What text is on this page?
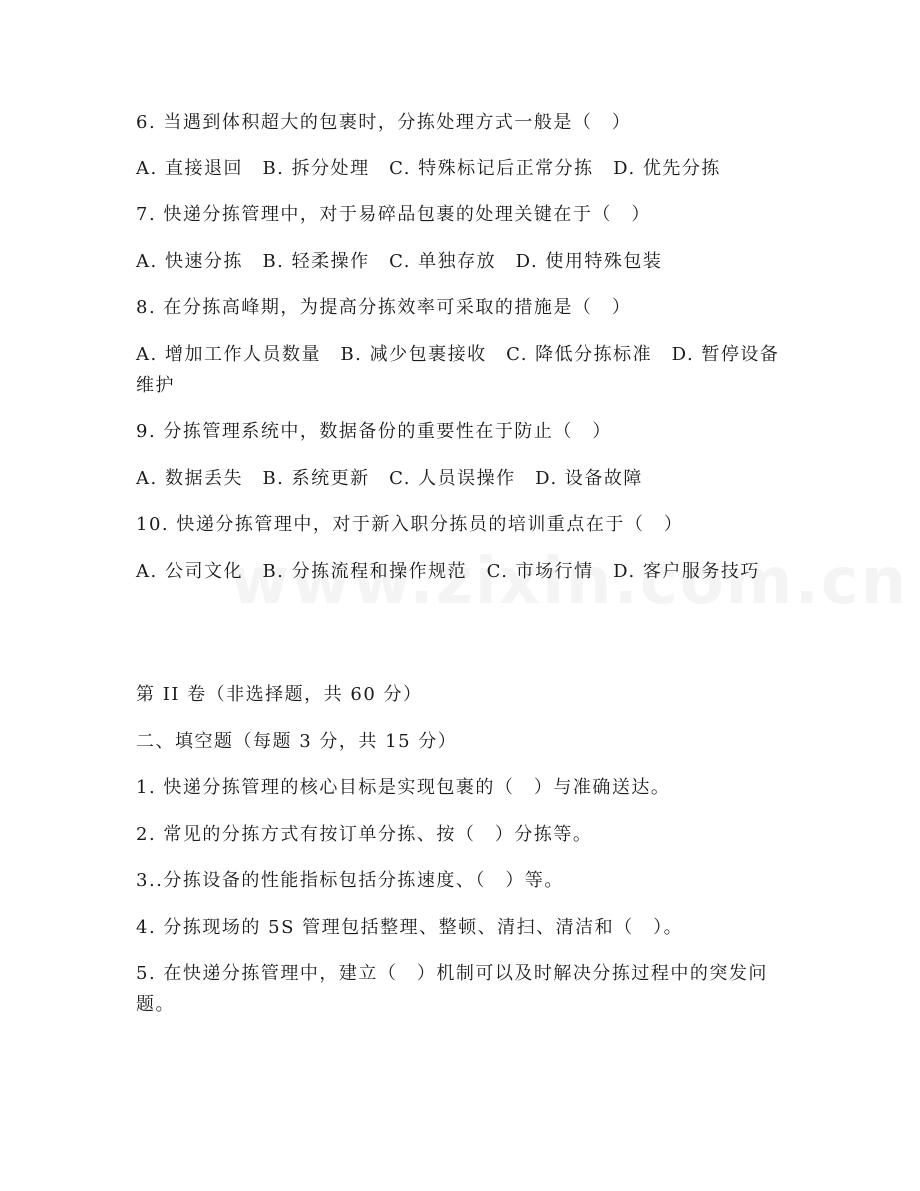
6. 当遇到体积超大的包裹时，分拣处理方式一般是（　）
A. 直接退回　B. 拆分处理　C. 特殊标记后正常分拣　D. 优先分拣
7. 快递分拣管理中，对于易碎品包裹的处理关键在于（　）
A. 快速分拣　B. 轻柔操作　C. 单独存放　D. 使用特殊包装
8. 在分拣高峰期，为提高分拣效率可采取的措施是（　）
A. 增加工作人员数量　B. 减少包裹接收　C. 降低分拣标准　D. 暂停设备维护
9. 分拣管理系统中，数据备份的重要性在于防止（　）
A. 数据丢失　B. 系统更新　C. 人员误操作　D. 设备故障
10. 快递分拣管理中，对于新入职分拣员的培训重点在于（　）
A. 公司文化　B. 分拣流程和操作规范　C. 市场行情　D. 客户服务技巧
第 II 卷（非选择题，共 60 分）
二、填空题（每题 3 分，共 15 分）
1. 快递分拣管理的核心目标是实现包裹的（　）与准确送达。
2. 常见的分拣方式有按订单分拣、按（　）分拣等。
3..分拣设备的性能指标包括分拣速度、（　）等。
4. 分拣现场的 5S 管理包括整理、整顿、清扫、清洁和（　）。
5. 在快递分拣管理中，建立（　）机制可以及时解决分拣过程中的突发问题。
